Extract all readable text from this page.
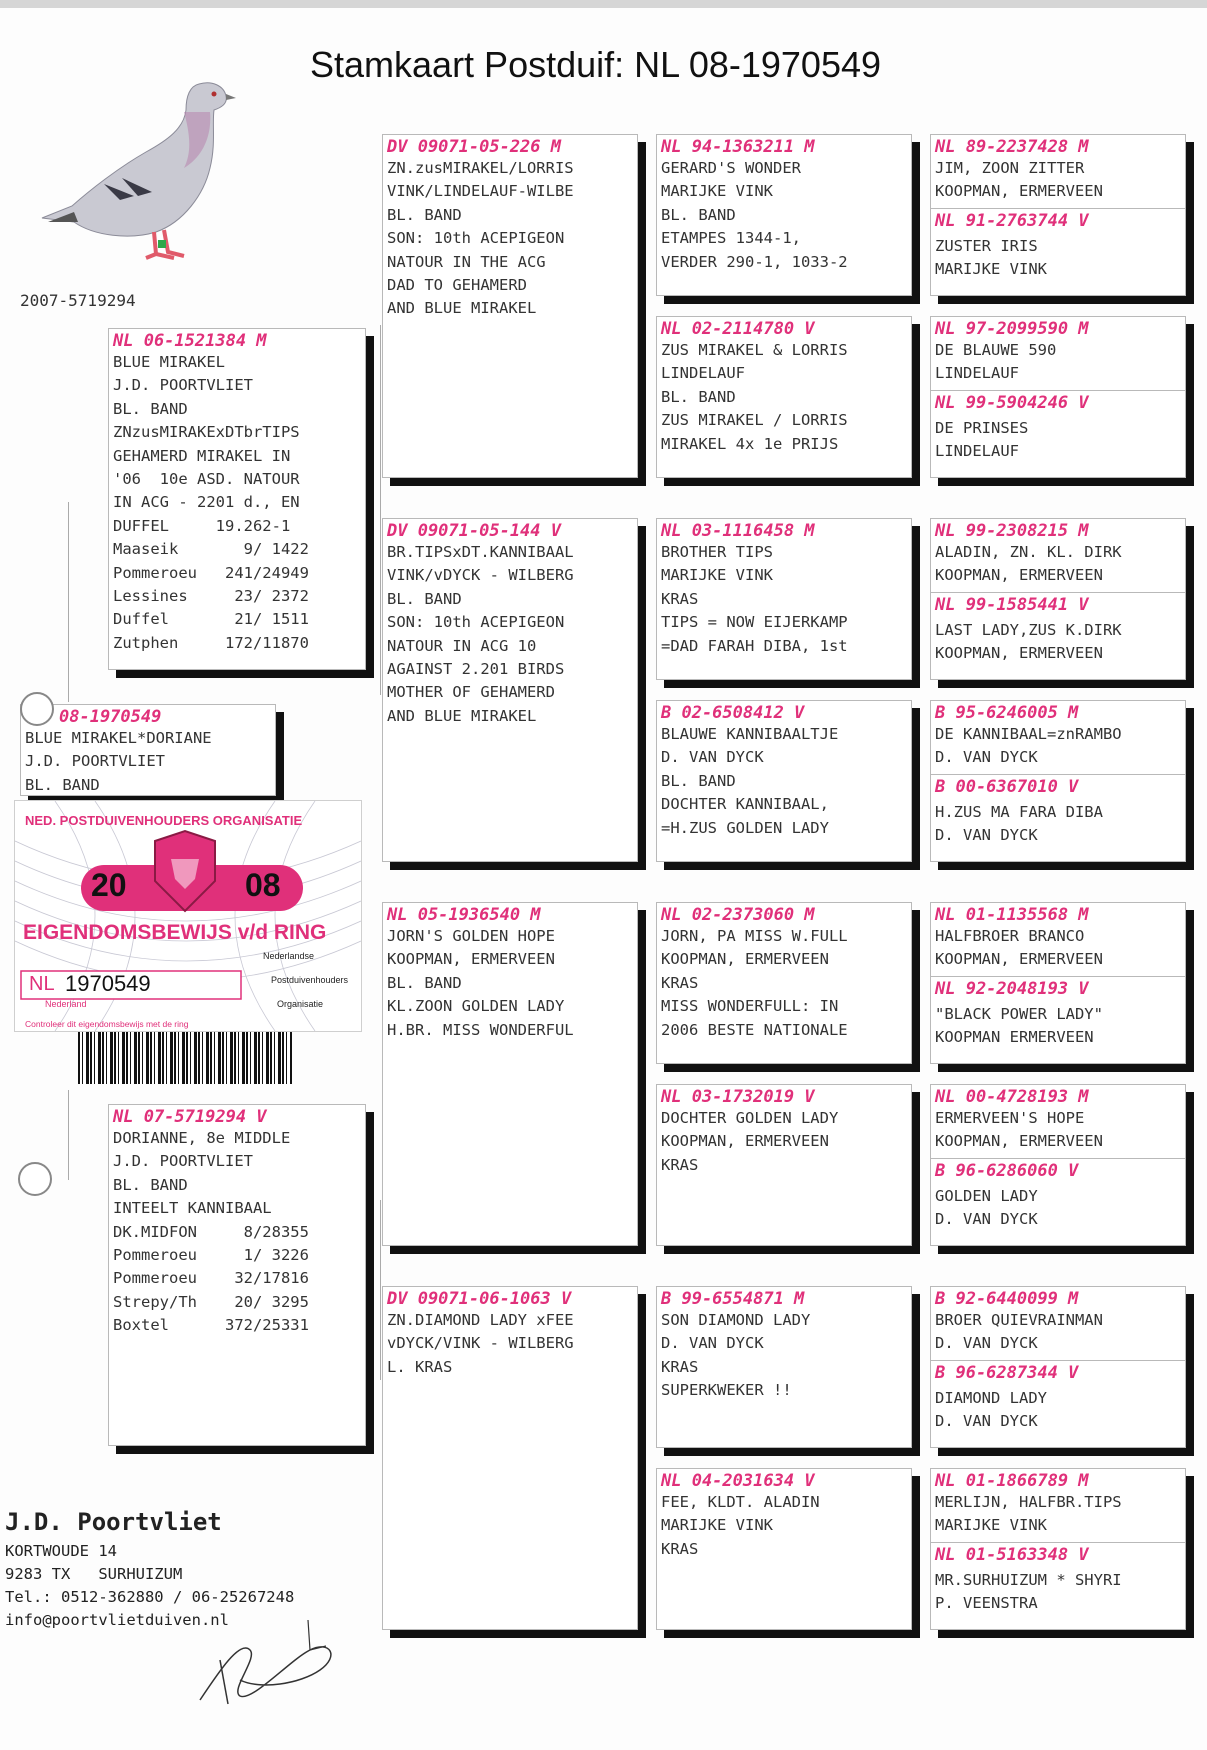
Stamkaart Postduif: NL 08-1970549
2007-5719294
NL 06-1521384 M
BLUE MIRAKEL
J.D. POORTVLIET
BL. BAND
ZNzusMIRAKExDTbrTIPS
GEHAMERD MIRAKEL IN
'06  10e ASD. NATOUR
IN ACG - 2201 d., EN
DUFFEL     19.262-1
Maaseik       9/ 1422
Pommeroeu   241/24949
Lessines     23/ 2372
Duffel       21/ 1511
Zutphen     172/11870
08-1970549
BLUE MIRAKEL*DORIANE
J.D. POORTVLIET
BL. BAND
NED. POSTDUIVENHOUDERS ORGANISATIE
20	08
EIGENDOMSBEWIJS v/d RING
NL 1970549
Nederland
Nederlandse
Postduivenhouders
Organisatie
Controleer dit eigendomsbewijs met de ring
NL 07-5719294 V
DORIANNE, 8e MIDDLE
J.D. POORTVLIET
BL. BAND
INTEELT KANNIBAAL
DK.MIDFON     8/28355
Pommeroeu     1/ 3226
Pommeroeu    32/17816
Strepy/Th    20/ 3295
Boxtel      372/25331
DV 09071-05-226 M
ZN.zusMIRAKEL/LORRIS
VINK/LINDELAUF-WILBE
BL. BAND
SON: 10th ACEPIGEON
NATOUR IN THE ACG
DAD TO GEHAMERD
AND BLUE MIRAKEL
DV 09071-05-144 V
BR.TIPSxDT.KANNIBAAL
VINK/vDYCK - WILBERG
BL. BAND
SON: 10th ACEPIGEON
NATOUR IN ACG 10
AGAINST 2.201 BIRDS
MOTHER OF GEHAMERD
AND BLUE MIRAKEL
NL 05-1936540 M
JORN'S GOLDEN HOPE
KOOPMAN, ERMERVEEN
BL. BAND
KL.ZOON GOLDEN LADY
H.BR. MISS WONDERFUL
DV 09071-06-1063 V
ZN.DIAMOND LADY xFEE
vDYCK/VINK - WILBERG
L. KRAS
NL 94-1363211 M
GERARD'S WONDER
MARIJKE VINK
BL. BAND
ETAMPES 1344-1,
VERDER 290-1, 1033-2
NL 02-2114780 V
ZUS MIRAKEL & LORRIS
LINDELAUF
BL. BAND
ZUS MIRAKEL / LORRIS
MIRAKEL 4x 1e PRIJS
NL 03-1116458 M
BROTHER TIPS
MARIJKE VINK
KRAS
TIPS = NOW EIJERKAMP
=DAD FARAH DIBA, 1st
B 02-6508412 V
BLAUWE KANNIBAALTJE
D. VAN DYCK
BL. BAND
DOCHTER KANNIBAAL,
=H.ZUS GOLDEN LADY
NL 02-2373060 M
JORN, PA MISS W.FULL
KOOPMAN, ERMERVEEN
KRAS
MISS WONDERFULL: IN
2006 BESTE NATIONALE
NL 03-1732019 V
DOCHTER GOLDEN LADY
KOOPMAN, ERMERVEEN
KRAS
B 99-6554871 M
SON DIAMOND LADY
D. VAN DYCK
KRAS
SUPERKWEKER !!
NL 04-2031634 V
FEE, KLDT. ALADIN
MARIJKE VINK
KRAS
NL 89-2237428 M
JIM, ZOON ZITTER
KOOPMAN, ERMERVEEN
NL 91-2763744 V
ZUSTER IRIS
MARIJKE VINK
NL 97-2099590 M
DE BLAUWE 590
LINDELAUF
NL 99-5904246 V
DE PRINSES
LINDELAUF
NL 99-2308215 M
ALADIN, ZN. KL. DIRK
KOOPMAN, ERMERVEEN
NL 99-1585441 V
LAST LADY,ZUS K.DIRK
KOOPMAN, ERMERVEEN
B 95-6246005 M
DE KANNIBAAL=znRAMBO
D. VAN DYCK
B 00-6367010 V
H.ZUS MA FARA DIBA
D. VAN DYCK
NL 01-1135568 M
HALFBROER BRANCO
KOOPMAN, ERMERVEEN
NL 92-2048193 V
"BLACK POWER LADY"
KOOPMAN ERMERVEEN
NL 00-4728193 M
ERMERVEEN'S HOPE
KOOPMAN, ERMERVEEN
B 96-6286060 V
GOLDEN LADY
D. VAN DYCK
B 92-6440099 M
BROER QUIEVRAINMAN
D. VAN DYCK
B 96-6287344 V
DIAMOND LADY
D. VAN DYCK
NL 01-1866789 M
MERLIJN, HALFBR.TIPS
MARIJKE VINK
NL 01-5163348 V
MR.SURHUIZUM * SHYRI
P. VEENSTRA
J.D. Poortvliet
KORTWOUDE 14
9283 TX   SURHUIZUM
Tel.: 0512-362880 / 06-25267248
info@poortvlietduiven.nl
